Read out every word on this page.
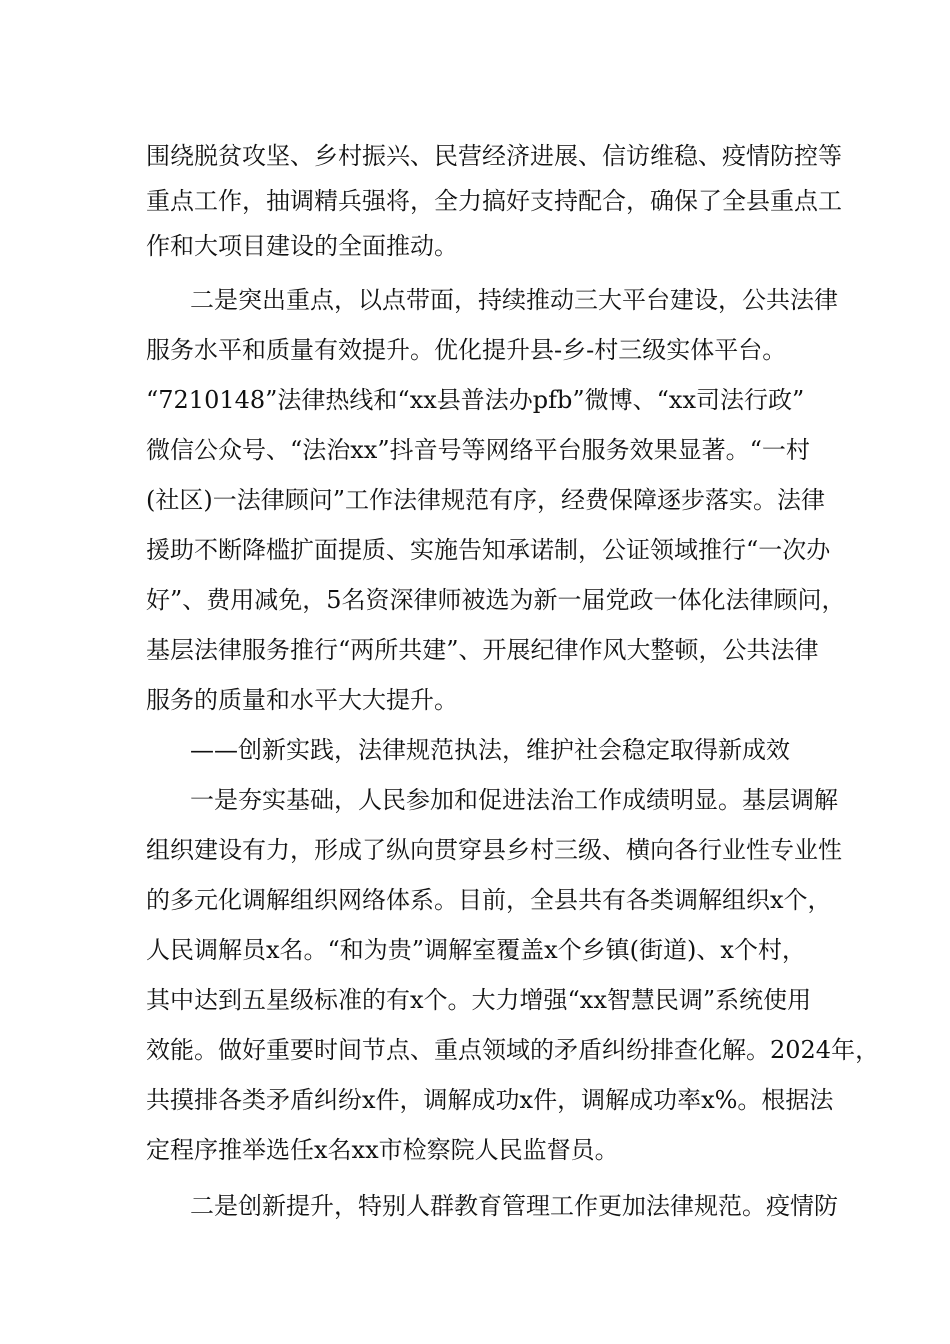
围绕脱贫攻坚、乡村振兴、民营经济进展、信访维稳、疫情防控等
重点工作，抽调精兵强将，全力搞好支持配合，确保了全县重点工
作和大项目建设的全面推动。
二是突出重点，以点带面，持续推动三大平台建设，公共法律
服务水平和质量有效提升。优化提升县-乡-村三级实体平台。
“7210148”法律热线和“xx县普法办pfb”微博、“xx司法行政”
微信公众号、“法治xx”抖音号等网络平台服务效果显著。“一村
(社区)一法律顾问”工作法律规范有序，经费保障逐步落实。法律
援助不断降槛扩面提质、实施告知承诺制，公证领域推行“一次办
好”、费用减免，5名资深律师被选为新一届党政一体化法律顾问，
基层法律服务推行“两所共建”、开展纪律作风大整顿，公共法律
服务的质量和水平大大提升。
——创新实践，法律规范执法，维护社会稳定取得新成效
一是夯实基础，人民参加和促进法治工作成绩明显。基层调解
组织建设有力，形成了纵向贯穿县乡村三级、横向各行业性专业性
的多元化调解组织网络体系。目前，全县共有各类调解组织x个，
人民调解员x名。“和为贵”调解室覆盖x个乡镇(街道)、x个村，
其中达到五星级标准的有x个。大力增强“xx智慧民调”系统使用
效能。做好重要时间节点、重点领域的矛盾纠纷排查化解。2024年，
共摸排各类矛盾纠纷x件，调解成功x件，调解成功率x%。根据法
定程序推举选任x名xx市检察院人民监督员。
二是创新提升，特别人群教育管理工作更加法律规范。疫情防
